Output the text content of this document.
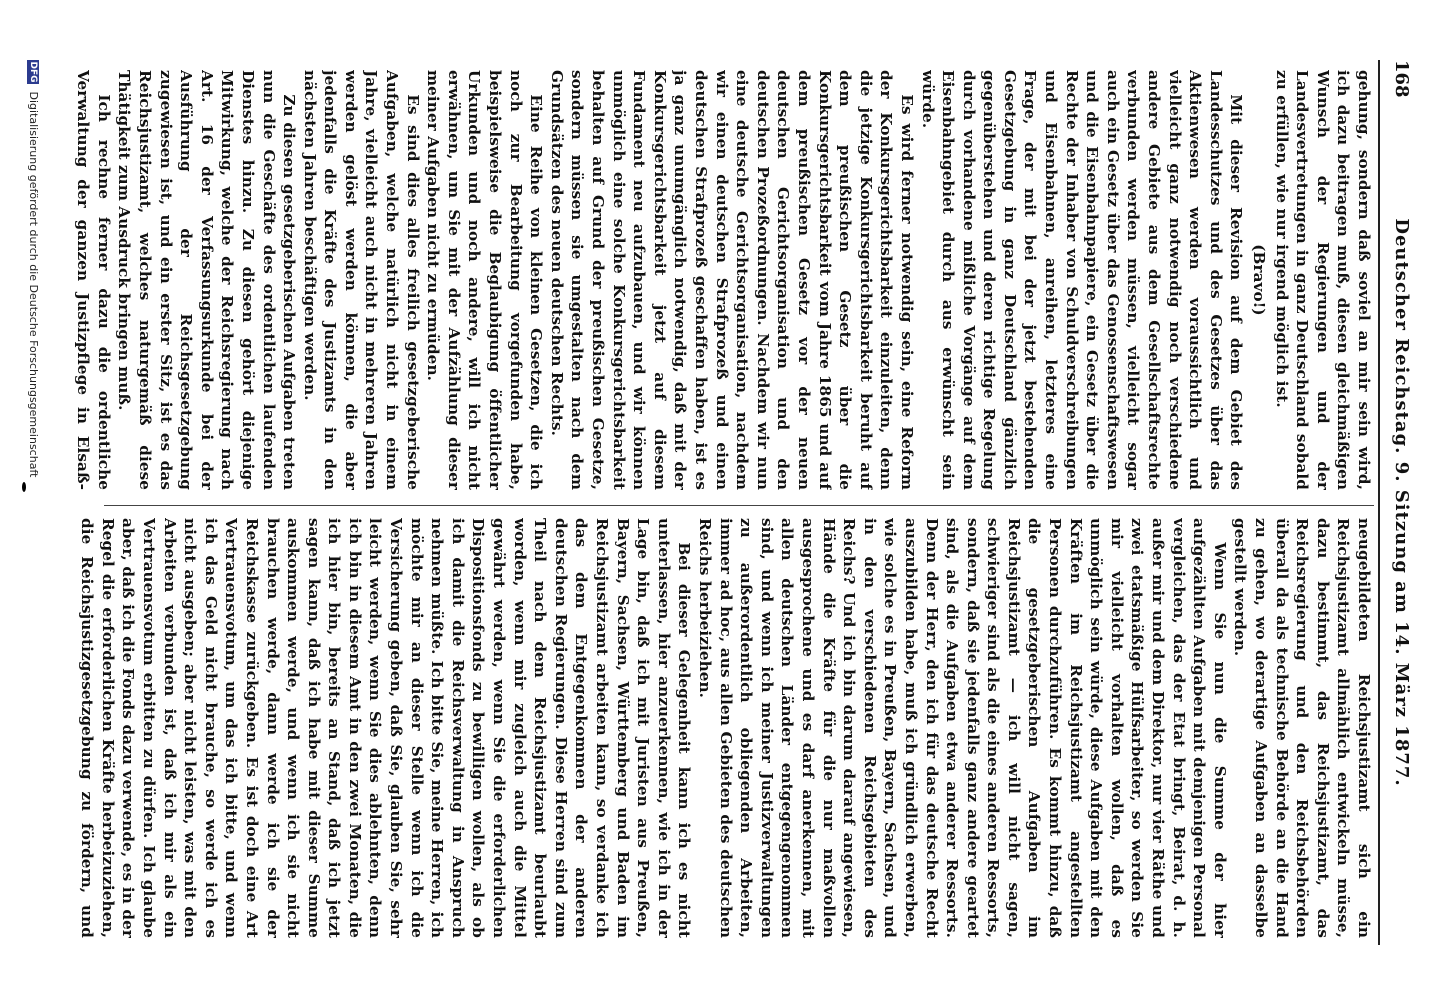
168
Deutscher Reichstag. 9. Sitzung am 14. März 1877.

gehung, sondern daß soviel an mir sein wird, ich dazu beitragen muß, diesen gleichmäßigen Wunsch der Regierungen und der Landesvertretungen in ganz Deutschland sobald zu erfüllen, wie nur irgend möglich ist.

(Bravo!)

Mit dieser Revision auf dem Gebiet des Landesschutzes und des Gesetzes über das Aktienwesen werden voraussichtlich und vielleicht ganz notwendig noch verschiedene andere Gebiete aus dem Gesellschaftsrechte verbunden werden müssen, vielleicht sogar auch ein Gesetz über das Genossenschaftswesen und die Eisenbahnpapiere, ein Gesetz über die Rechte der Inhaber von Schuldverschreibungen und Eisenbahnen, anreihen, letzteres eine Frage, der mit bei der jetzt bestehenden Gesetzgebung in ganz Deutschland gänzlich gegenüberstehen und deren richtige Regelung durch vorhandene mißliche Vorgänge auf dem Eisenbahngebiet durch aus erwünscht sein würde.

Es wird ferner notwendig sein, eine Reform der Konkursgerichtsbarkeit einzuleiten, denn die jetzige Konkursgerichtsbarkeit beruht auf dem preußischen Gesetz über die Konkursgerichtsbarkeit vom Jahre 1865 und auf dem preußischen Gesetz vor der neuen deutschen Gerichtsorganisation und den deutschen Prozeßordnungen. Nachdem wir nun eine deutsche Gerichtsorganisation, nachdem wir einen deutschen Strafprozeß und einen deutschen Strafprozeß geschaffen haben, ist es ja ganz unumgänglich notwendig, daß mit der Konkursgerichtsbarkeit jetzt auf diesem Fundament neu aufzubauen, und wir können unmöglich eine solche Konkursgerichtsbarkeit behalten auf Grund der preußischen Gesetze, sondern müssen sie umgestalten nach dem Grundsätzen des neuen deutschen Rechts.

Eine Reihe von kleinen Gesetzen, die ich noch zur Bearbeitung vorgefunden habe, beispielsweise die Beglaubigung öffentlicher Urkunden und noch andere, will ich nicht erwähnen, um Sie mit der Aufzählung dieser meiner Aufgaben nicht zu ermüden.

Es sind dies alles freilich gesetzgeberische Aufgaben, welche natürlich nicht in einem Jahre, vielleicht auch nicht in mehreren Jahren werden gelöst werden können, die aber jedenfalls die Kräfte des Justizamts in den nächsten Jahren beschäftigen werden.

Zu diesen gesetzgeberischen Aufgaben treten nun die Geschäfte des ordentlichen laufenden Dienstes hinzu. Zu diesen gehört diejenige Mitwirkung, welche der Reichsregierung nach Art. 16 der Verfassungsurkunde bei der Ausführung der Reichsgesetzgebung zugewiesen ist, und ein erster Sitz, ist es das Reichsjustizamt, welches naturgemäß diese Thätigkeit zum Ausdruck bringen muß.

Ich rechne ferner dazu die ordentliche Verwaltung der ganzen Justizpflege in Elsaß-

neugebildeten Reichsjustizamt sich ein Reichsjustizamt allmählich entwickeln müsse, dazu bestimmt, das Reichsjustizamt, das Reichsregierung und den Reichsbehörden überall da als technische Behörde an die Hand zu gehen, wo derartige Aufgaben an dasselbe gestellt werden.

Wenn Sie nun die Summe der hier aufgezählten Aufgaben mit demjenigen Personal vergleichen, das der Etat bringt, Beirat, d. h. außer mir und dem Direktor, nur vier Räthe und zwei etatsmäßige Hülfsarbeiter, so werden Sie mir vielleicht vorhalten wollen, daß es unmöglich sein würde, diese Aufgaben mit den Kräften im Reichsjustizamt angestellten Personen durchzuführen. Es kommt hinzu, daß die gesetzgeberischen Aufgaben im Reichsjustizamt — ich will nicht sagen, schwieriger sind als die eines anderen Ressorts, sondern, daß sie jedenfalls ganz andere geartet sind, als die Aufgaben etwa anderer Ressorts. Denn der Herr, den ich für das deutsche Recht auszubilden habe, muß ich gründlich erwerben, wie solche es in Preußen, Bayern, Sachsen, und in den verschiedenen Reichsgebieten des Reichs? Und ich bin darum darauf angewiesen, Hände die Kräfte für die nur maßvollen ausgesprochene und es darf anerkennen, mit allen deutschen Länder entgegengenommen sind, und wenn ich meiner Justizverwaltungen zu außerordentlich obliegenden Arbeiten, immer ad hoc, aus allen Gebieten des deutschen Reichs herbeiziehen.

Bei dieser Gelegenheit kann ich es nicht unterlassen, hier anzuerkennen, wie ich in der Lage bin, daß ich mit Juristen aus Preußen, Bayern, Sachsen, Württemberg und Baden im Reichsjustizamt arbeiten kann, so verdanke ich das dem Entgegenkommen der anderen deutschen Regierungen. Diese Herren sind zum Theil nach dem Reichsjustizamt beurlaubt worden, wenn mir zugleich auch die Mittel gewährt werden, wenn Sie die erforderlichen Dispositionsfonds zu bewilligen wollen, als ob ich damit die Reichsverwaltung in Anspruch nehmen müßte. Ich bitte Sie, meine Herren, ich möchte mir an dieser Stelle wenn ich die Versicherung geben, daß Sie, glauben Sie, sehr leicht werden, wenn Sie dies ablehnten, denn ich bin in diesem Amt in den zwei Monaten, die ich hier bin, bereits an Stand, daß ich jetzt sagen kann, daß ich habe mit dieser Summe auskommen werde, und wenn ich sie nicht brauchen werde, dann werde ich sie der Reichskasse zurückgeben. Es ist doch eine Art Vertrauensvotum, um das ich bitte, und wenn ich das Geld nicht brauche, so werde ich es nicht ausgeben; aber nicht leisten, was mit den Arbeiten verbunden ist, daß ich mir als ein Vertrauensvotum erbitten zu dürfen. Ich glaube aber, daß ich die Fonds dazu verwende, es in der Regel die erforderlichen Kräfte herbeizuziehen, die Reichsjustizgesetzgebung zu fördern, und

DFG Digitalisierung gefördert durch die Deutsche Forschungsgemeinschaft
